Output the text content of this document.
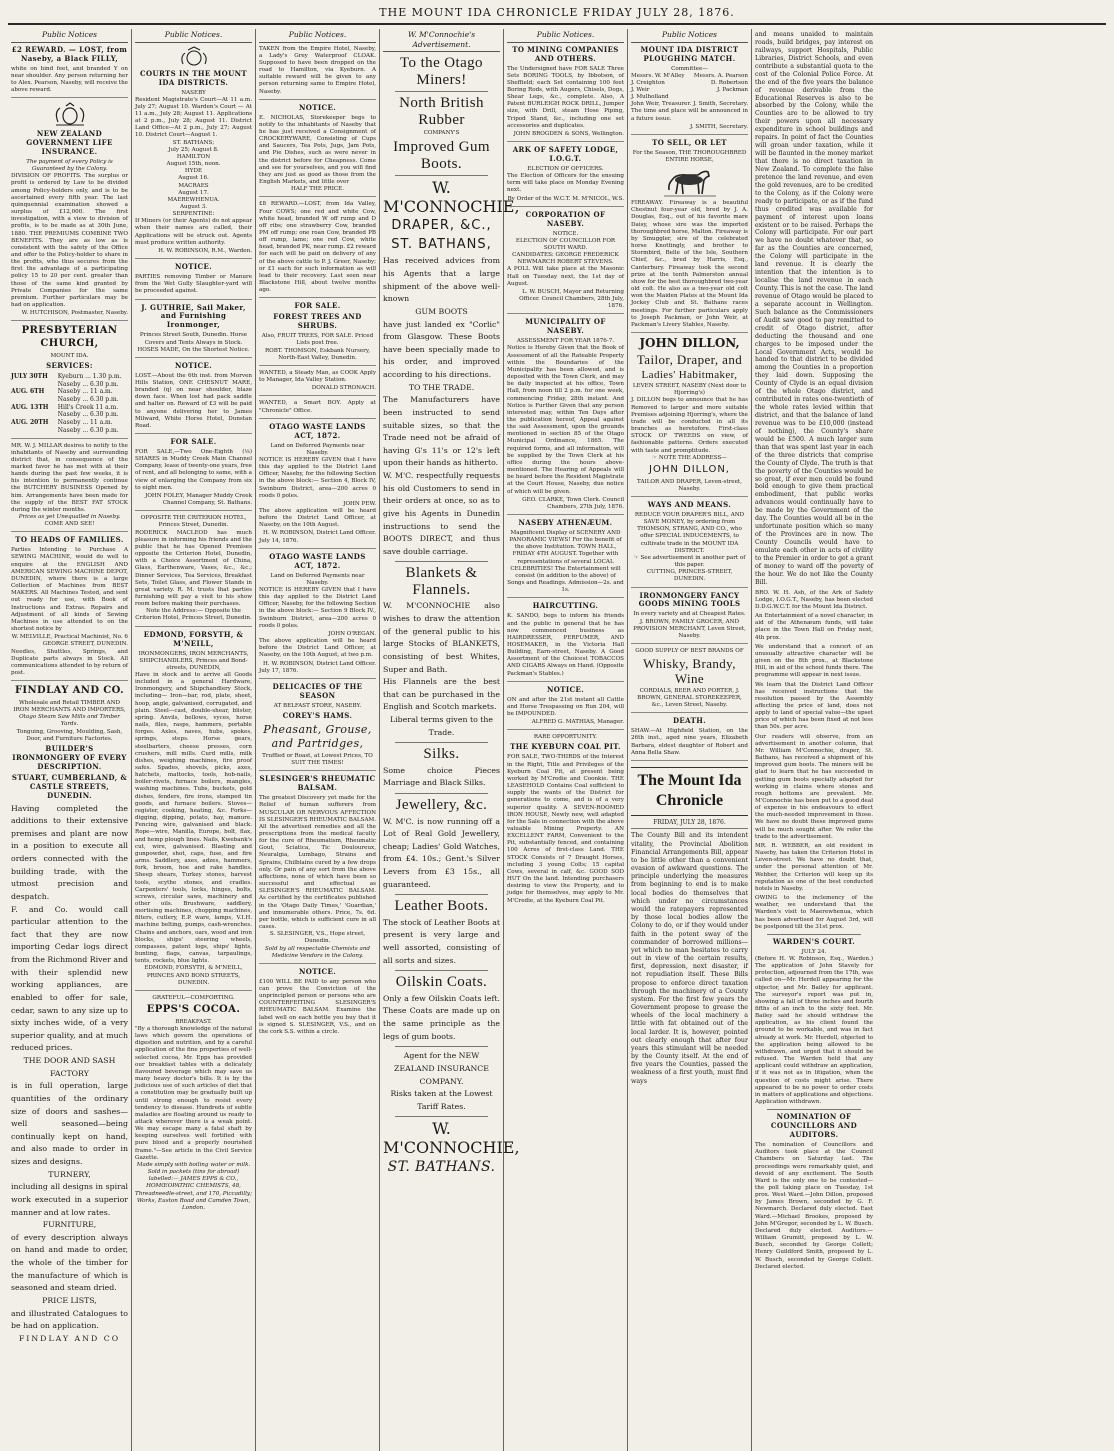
THE MOUNT IDA CHRONICLE FRIDAY JULY 28, 1876.
Public Notices
£2 REWARD. — LOST, from Naseby, a Black FILLY,
white on hind feet, and branded Y on near shoulder. Any person returning her to Alex. Pearson, Naseby, will receive the above reward.
NEW ZEALAND GOVERNMENT LIFE INSURANCE.
The payment of every Policy is Guaranteed by the Colony.
DIVISION OF PROFITS. The surplus or profit is ordered by Law to be divided among Policy-holders only, and is to be ascertained every fifth year. The last quinquennial examination showed a surplus of £12,000. The first investigation, with a view to division of profits, is to be made as at 30th June, 1880. THE PREMIUMS COMBINE TWO BENEFITS. They are as low as is consistent with the safety of the Office and offer to the Policy-holder to share in the profits, who thus secures from the first the advantage of a participating policy 15 to 20 per cent. greater than those of the same kind granted by Private Companies for the same premium. Further particulars may be had on application.
W. HUTCHISON, Postmaster, Naseby.
PRESBYTERIAN CHURCH,
MOUNT IDA.
SERVICES:
JULY 30TH	Kyeburn ... 1.30 p.m.
Naseby ... 6.30 p.m.
AUG. 6TH	Naseby ... 11 a.m.
Naseby ... 6.30 p.m.
AUG. 13TH	Hill's Creek 11 a.m.
Naseby ... 6.30 p.m.
AUG. 20TH	Naseby ... 11 a.m.
Naseby ... 6.30 p.m.
MR. W. J. MILLAR desires to notify to the inhabitants of Naseby and surrounding district that, in consequence of the marked favor he has met with at their hands during the past few weeks, it is his intention to permanently continue the BUTCHERY BUSINESS Opened by him. Arrangements have been made for the supply of the BEST FAT STOCK during the winter months.
Prices as yet Unequalled in Naseby.
COME AND SEE!
TO HEADS OF FAMILIES.
Parties Intending to Purchase A SEWING MACHINE, would do well to enquire at the ENGLISH AND AMERICAN SEWING MACHINE DEPOT, DUNEDIN, where there is a large Collection of Machines from BEST MAKERS. All Machines Tested, and sent out ready for use, with Book of Instructions and Extras. Repairs and Adjustment of all kinds of Sewing Machines in use attended to on the shortest notice by
W. MELVILLE, Practical Machinist, No. 6 GEORGE STREET, DUNEDIN.
Needles, Shuttles, Springs, and Duplicate parts always in Stock. All communications attended to by return of post.
FINDLAY AND CO.
Wholesale and Retail TIMBER AND IRON MERCHANTS AND IMPORTERS,
Otago Steam Saw Mills and Timber Yards.
Tonguing, Grooving, Moulding, Sash, Door, and Furniture Factories.
BUILDER'S IRONMONGERY OF EVERY DESCRIPTION.
STUART, CUMBERLAND, & CASTLE STREETS, DUNEDIN.
Having completed the additions to their extensive premises and plant are now in a position to execute all orders connected with the building trade, with the utmost precision and despatch.
F. and Co. would call particular attention to the fact that they are now importing Cedar logs direct from the Richmond River and with their splendid new working appliances, are enabled to offer for sale, cedar, sawn to any size up to sixty inches wide, of a very superior quality, and at much reduced prices.
THE DOOR AND SASH FACTORY
is in full operation, large quantities of the ordinary size of doors and sashes—well seasoned—being continually kept on hand, and also made to order in sizes and designs.
TURNERY,
including all designs in spiral work executed in a superior manner and at low rates.
FURNITURE,
of every description always on hand and made to order, the whole of the timber for the manufacture of which is seasoned and steam dried.
PRICE LISTS,
and illustrated Catalogues to be had on application.
FINDLAY AND CO
Public Notices.
COURTS IN THE MOUNT IDA DISTRICTS.
NASEBY
Resident Magistrate's Court—At 11 a.m. July 27; August 10. Warden's Court — At 11 a.m., July 28; August 11. Applications at 2 p.m., July 28; August 11. District Land Office—At 2 p.m., July 27; August 10. District Court—August 1.
ST. BATHANS;
July 25; August 8.
HAMILTON
August 15th, noon.
HYDE
August 16.
MACRAES
August 17.
MAEREWHENUA.
August 3.
SERPENTINE:
If Miners (or their Agents) do not appear when their names are called, their Applications will be struck out. Agents must produce written authority.
H. W. ROBINSON, R.M., Warden.
NOTICE.
PARTIES removing Timber or Manure from the Wet Gully Slaughter-yard will be proceeded against.
J. GUTHRIE, Sail Maker, and Furnishing Ironmonger,
Princes Street South, Dunedin. Horse Covers and Tents Always in Stock. HOSES MADE, On the Shortest Notice.
NOTICE.
LOST.—About the 6th inst. from Morven Hills Station, ONE CHESNUT MARE, branded (q) on near shoulder, blaze down face. When lost had pack saddle and halter on. Reward of £3 will be paid to anyone delivering her to James Milward, White Horse Hotel, Dunstan Road.
FOR SALE.
FOR SALE,—Two One-Eighth (⅛) SHARES in Muddy Creek Main Channel Company, lease of twenty-one years, free of rent, and all belonging to same, with a view of enlarging the Company from six to eight men.
JOHN FOLEY, Manager Muddy Creek Channel Company, St. Bathans.
OPPOSITE THE CRITERION HOTEL, Princes Street, Dunedin.
RODERICK MACLEOD has much pleasure in informing his friends and the public that he has Opened Premises opposite the Criterion Hotel, Dunedin, with a Choice Assortment of China, Glass, Earthenware, Vases, &c., &c.; Dinner Services, Tea Services, Breakfast Sets, Toilet Glass, and Flower Stands in great variety. R. M. trusts that parties furnishing will pay a visit to his show room before making their purchases.
Note the Address:— Opposite the Criterion Hotel, Princes Street, Dunedin.
EDMOND, FORSYTH, & M'NEILL,
IRONMONGERS, IRON MERCHANTS, SHIPCHANDLERS, Princes and Bond-streets, DUNEDIN,
Have in stock and to arrive all Goods included in a general Hardware, Ironmongery, and Shipchandlery Stock, including— Iron—bar, rod, plate, sheet, hoop, angle, galvanised, corrugated, and plain. Steel—cast, double-shear, blister, spring. Anvils, bellows, vyces, horse nails, files, rasps, hammers, portable forges. Axles, naves, hubs, spokes, springs, steps. Horse gears, steelbarters, cheese presses, corn crushers, mill mills. Curd mills, milk dishes, weighing machines, fire proof safes. Spades, shovels, picks, axes, hatchets, mattocks, tools, hob-nails, boiler-rivets, furnace boilers, mangles, washing machines. Tubs, buckets, gold dishes, fenders, fire irons, stamped tin goods, and furnace boilers. Stoves—register, cooking, heating, &c. Forks—digging, dipping, potato, hay, manure. Fencing wire, galvanised and black. Rope—wire, Manilla, Europe, bolt, flax, and hemp plough lines. Nails, Kwebank's cut, wire, galvanised. Blasting and gunpowder, shot, caps, fuse, and fire arms. Saddlery, axes, adzes, hammers, fork, broom, hoe and rake handles. Sheep shears, Turkey stones, harvest tools, scythe stones, and cradles. Carpenters' tools, locks, hinges, bolts, screws, circular saws, machinery and other oils. Brushware, saddlery, mortising machines, chopping machines, filters, cutlery, E.P. ware, lamps, V.I.H. machine belting, pumps, cash-wrenches. Chains and anchors, oars, wood and iron blocks, ships' steering wheels, compasses, patent logs, ships' lights, bunting, flags, canvas, tarpaulings, tents, rockets, blue lights.
EDMOND, FORSYTH, & M'NEILL, PRINCES AND BOND STREETS, DUNEDIN.
GRATEFUL—COMFORTING.
EPPS'S COCOA.
BREAKFAST.
"By a thorough knowledge of the natural laws which govern the operations of digestion and nutrition, and by a careful application of the fine properties of well-selected cocoa, Mr. Epps has provided our breakfast tables with a delicately flavoured beverage which may save us many heavy doctor's bills. It is by the judicious use of such articles of diet that a constitution may be gradually built up until strong enough to resist every tendency to disease. Hundreds of subtle maladies are floating around us ready to attack wherever there is a weak point. We may escape many a fatal shaft by keeping ourselves well fortified with pure blood and a properly nourished frame."—See article in the Civil Service Gazette.
Made simply with boiling water or milk. Sold in packets (tins for abroad) labelled:— JAMES EPPS & CO., HOMŒOPATHIC CHEMISTS, 48, Threadneedle-street, and 170, Piccadilly; Works, Euston Road and Camden Town, London.
Public Notices.
TAKEN from the Empire Hotel, Naseby, a Lady's Grey Waterproof CLOAK. Supposed to have been dropped on the road to Hamilton, via Kyeburn. A suitable reward will be given to any person returning same to Empire Hotel, Naseby.
NOTICE.
E. NICHOLAS, Storekeeper begs to notify to the inhabitants of Naseby that he has just received a Consignment of CROCKERYWARE, Consisting of Cups and Saucers, Tea Pots, Jugs, Jam Pots, and Pie Dishes, such as were never in the district before for Cheapness. Come and see for yourselves, and you will find they are just as good as those from the English Markets, and little over
HALF THE PRICE.
£8 REWARD.—LOST, from Ida Valley, Four COWS; one red and white Cow, white head, branded W off rump and D off ribs; one strawberry Cow, branded PM off rump; one roan Cow, branded PB off rump, lame; one red Cow, white head, branded PK, near rump. £2 reward for each will be paid on delivery of any of the above cattle to P. J. Greer, Naseby; or £1 each for such information as will lead to their recovery. Last seen near Blackstone Hill, about twelve months ago.
FOR SALE.
FOREST TREES AND SHRUBS.
Also, FRUIT TREES, FOR SALE. Priced Lists post free.
ROBT. THOMSON, Eskbank Nursery, North-East Valley, Dunedin.
WANTED, a Steady Man, as COOK Apply to Manager, Ida Valley Station.
DONALD STRONACH.
WANTED, a Smart BOY. Apply at "Chronicle" Office.
OTAGO WASTE LANDS ACT, 1872.
Land on Deferred Payments near Naseby.
NOTICE IS HEREBY GIVEN that I have this day applied to the District Land Officer, Naseby, for the following Section in the above block:— Section 4, Block IV, Swinburn District, area—200 acres 0 roods 0 poles.
JOHN PEW.
The above application will be heard before the District Land Officer, at Naseby, on the 10th August.
H. W. ROBINSON, District Land Officer.
July 14, 1876.
OTAGO WASTE LANDS ACT, 1872.
Land on Deferred Payments near Naseby.
NOTICE IS HEREBY GIVEN that I have this day applied to the District Land Officer, Naseby, for the following Section in the above block:— Section 9 Block IV., Swinburn District, area—200 acres 0 roods 0 poles.
JOHN O'REGAN.
The above application will be heard before the District Land Officer, at Naseby, on the 10th August, at two p.m.
H. W. ROBINSON, District Land Officer.
July 17, 1876.
DELICACIES OF THE SEASON
AT BELFAST STORE, NASEBY.
COREY'S HAMS.
Pheasant, Grouse, and Partridges,
Truffled or Roast, at Lowest Prices, TO SUIT THE TIMES!
SLESINGER'S RHEUMATIC BALSAM.
The greatest Discovery yet made for the Relief of human sufferers from MUSCULAR OR NERVOUS AFFECTION IS SLESINGER'S RHEUMATIC BALSAM. All the advertised remedies and all the prescriptions from the medical faculty for the cure of Rheumatism, Rheumatic Gout, Sciatica, Tic Douloureux, Neuralgia, Lumbago, Strains and Sprains, Chilblains cured by a few drops only. Or pain of any sort from the above affections, none of which have been so successful and effectual as SLESINGER'S RHEUMATIC BALSAM. As certified by the certificates published in the 'Otago Daily Times,' 'Guardian,' and innumerable others. Price, 7s. 6d. per bottle, which is sufficient cure in all cases.
S. SLESINGER, V.S., Hope street, Dunedin.
Sold by all respectable Chemists and Medicine Vendors in the Colony.
NOTICE.
£100 WILL BE PAID to any person who can prove the Conviction of the unprincipled person or persons who are COUNTERFEITING SLESINGER'S RHEUMATIC BALSAM. Examine the label well on each bottle you buy that it is signed S. SLESINGER, V.S., and on the cork S.S. within a circle.
W. M'Connochie's Advertisement.
To the Otago Miners!
North British Rubber
COMPANY'S
Improved Gum Boots.
W. M'CONNOCHIE,
DRAPER, &C.,
ST. BATHANS,
Has received advices from his Agents that a large shipment of the above well-known
GUM BOOTS
have just landed ex "Corlic" from Glasgow. These Boots have been specially made to his order, and improved according to his directions.
TO THE TRADE.
The Manufacturers have been instructed to send suitable sizes, so that the Trade need not be afraid of having G's 11's or 12's left upon their hands as hitherto.
W. M'C. respectfully requests his old Customers to send in their orders at once, so as to give his Agents in Dunedin instructions to send the BOOTS DIRECT, and thus save double carriage.
Blankets & Flannels.
W. M'CONNOCHIE also wishes to draw the attention of the general public to his large Stocks of BLANKETS, consisting of best Whites, Super and Bath.
His Flannels are the best that can be purchased in the English and Scotch markets.
Liberal terms given to the Trade.
Silks.
Some choice Pieces Marriage and Black Silks.
Jewellery, &c.
W. M'C. is now running off a Lot of Real Gold Jewellery, cheap; Ladies' Gold Watches, from £4. 10s.; Gent.'s Silver Levers from £3 15s., all guaranteed.
Leather Boots.
The stock of Leather Boots at present is very large and well assorted, consisting of all sorts and sizes.
Oilskin Coats.
Only a few Oilskin Coats left. These Coats are made up on the same principle as the legs of gum boots.
Agent for the NEW ZEALAND INSURANCE COMPANY.
Risks taken at the Lowest Tariff Rates.
W. M'CONNOCHIE,
ST. BATHANS.
Public Notices.
TO MINING COMPANIES AND OTHERS.
The Undersigned have FOR SALE Three Sets BORING TOOLS, by Ibbotson, of Sheffield; each Set containing 100 feet Boring Rods, with Augers, Chisels, Dogs, Shear Legs, &c., complete. Also, A Patent BURLEIGH ROCK DRILL, Jumper size, with Drill, steam Hose Piping, Tripod Stand, &c., including one set accessories and duplicates.
JOHN BROGDEN & SONS, Wellington.
ARK OF SAFETY LODGE, I.O.G.T.
ELECTION OF OFFICERS.
The Election of Officers for the ensuing term will take place on Monday Evening next.
By Order of the W.C.T. M. M'NICOL, W.S.
CORPORATION OF NASEBY.
NOTICE.
ELECTION OF COUNCILLOR FOR SOUTH WARD.
CANDIDATES: GEORGE FREDERICK NEWMARCH ROBERT STEVENS.
A POLL Will take place at the Masonic Hall on Tuesday next, the 1st day of August.
L. W. BUSCH, Mayor and Returning Officer. Council Chambers, 28th July, 1876.
MUNICIPALITY OF NASEBY.
ASSESSMENT FOR YEAR 1876-7.
Notice is Hereby Given that the Book of Assessment of all the Rateable Property within the Boundaries of the Municipality has been allowed, and is deposited with the Town Clerk, and may be daily inspected at his office, Town Hall, from noon till 2 p.m. for one week, commencing Friday, 28th instant. And Notice is Further Given that any person interested may, within Ten Days after the publication hereof, Appeal against the said Assessment, upon the grounds mentioned in section 85 of the Otago Municipal Ordinance, 1865. The required forms, and all information, will be supplied by the Town Clerk at his office during the hours above-mentioned. The Hearing of Appeals will be heard before the Resident Magistrate at the Court House, Naseby, due notice of which will be given.
GEO. CLARKE, Town Clerk. Council Chambers, 27th July, 1876.
NASEBY ATHENÆUM.
Magnificent Display of SCENERY AND PANORAMIC VIEWS! For the benefit of the above Institution. TOWN HALL, FRIDAY 4TH AUGUST. Together with representations of several LOCAL CELEBRITIES! The Entertainment will consist (in addition to the above) of Songs and Readings. Admission—2s. and 1s.
HAIRCUTTING.
K. SANDO, begs to inform his friends and the public in general that he has now commenced business as HAIRDRESSER, PERFUMER, AND HOSEMAKER, in the Victoria Hall Building, Earn-street, Naseby. A Good Assortment of the Choicest TOBACCOS AND CIGARS Always on Hand. (Opposite Packman's Stables.)
NOTICE.
ON and after the 21st instant all Cattle and Horse Trespassing on Run 204, will be IMPOUNDED.
ALFRED G. MATHIAS, Manager.
RARE OPPORTUNITY.
THE KYEBURN COAL PIT.
FOR SALE, TWO-THIRDS of the Interest in the Right, Title and Privileges of the Kyeburn Coal Pit, at present being worked by M'Credie and Coonkie. THE LEASEHOLD Contains Coal sufficient to supply the wants of the District for generations to come, and is of a very superior quality. A SEVEN-ROOMED IRON HOUSE, Newly new, well adapted for the Sale in connection with the above valuable Mining Property. AN EXCELLENT FARM, Convenient to the Pit, substantially fenced, and containing 100 Acres of first-class Land. THE STOCK Consists of 7 Draught Horses, including 3 young Colts; 15 capital Cows, several in calf, &c. GOOD SOD HUT On the land. Intending purchasers desiring to view the Property, and to judge for themselves, may apply to Mr. M'Credie, at the Kyeburn Coal Pit.
Public Notices
MOUNT IDA DISTRICT PLOUGHING MATCH.
Committee—
Messrs. W. M'Alley Messrs. A. Pearson
J. Creighton	D. Robertson
J. Weir	J. Packman
J. Mulholland
John Weir, Treasurer. J. Smith, Secretary. The time and place will be announced in a future issue.
J. SMITH, Secretary.
TO SELL, OR LET
For the Season, THE THOROUGHBRED ENTIRE HORSE,
FIREAWAY. Fireaway is a beautiful Chestnut four-year old, bred by J. A. Douglas, Esq., out of his favorite mare Daisy, whose sire was the imported thoroughbred horse, Malton. Fireaway is by Smuggler, sire of the celebrated horse Knottingly, and brother to Stormbird, Belle of the Isle, Southern Chief, &c., bred by Harris, Esq., Canterbury. Fireaway took the second prize at the tenth Palmerston annual show for the best thoroughbred two-year old colt. He also as a two-year old colt won the Maiden Plates at the Mount Ida Jockey Club and St. Bathans races meetings. For further particulars apply to Joseph Packman, or John Weir, at Packman's Livery Stables, Naseby.
JOHN DILLON,
Tailor, Draper, and
Ladies' Habitmaker,
LEVEN STREET, NASEBY (Next door to Hjorring's)
J. DILLON begs to announce that he has Removed to larger and more suitable Premises adjoining Hjorring's, where the trade will be conducted in all its branches as heretofore. First-class STOCK OF TWEEDS on view, of fashionable patterns. Orders executed with taste and promptitude.
☞ NOTE THE ADDRESS—
JOHN DILLON,
TAILOR AND DRAPER, Leven-street, Naseby.
WAYS AND MEANS.
REDUCE YOUR DRAPER'S BILL, AND SAVE MONEY, by ordering from THOMSON, STRANG, AND CO., who offer SPECIAL INDUCEMENTS, to cultivate trade in the MOUNT IDA DISTRICT.
☞ See advertisement in another part of this paper.
CUTTING, PRINCES-STREET, DUNEDIN.
IRONMONGERY FANCY GOODS MINING TOOLS
In every variety and at Cheapest Rates. J. BROWN, FAMILY GROCER, AND PROVISION MERCHANT, Leven Street, Naseby.
GOOD SUPPLY OF BEST BRANDS OF
Whisky, Brandy, Wine
CORDIALS, BEER AND PORTER, J. BROWN, GENERAL STOREKEEPER, &c., Leven Street, Naseby.
DEATH.
SHAW.—At Highfield Station, on the 26th inst., aged nine years, Elizabeth Barbara, eldest daughter of Robert and Anna Bella Shaw.
The Mount Ida Chronicle
FRIDAY, JULY 28, 1876.
The County Bill and its intendent vitality, the Provincial Abolition Financial Arrangements Bill, appear to be little other than a convenient evasion of awkward questions. The principle underlying the measures from beginning to end is to make local bodies do themselves that which under no circumstances would the ratepayers represented by those local bodies allow the Colony to do, or if they would under faith in the potent sway of the commander of borrowed millions—yet which no man hesitates to carry out in view of the certain results, first, depression, next disaster, if not repudiation itself. These Bills propose to enforce direct taxation through the machinery of a County system. For the first few years the Government propose to grease the wheels of the local machinery a little with fat obtained out of the local larder. It is, however, pointed out clearly enough that after four years this stimulant will be needed by the County itself. At the end of five years the Counties, passed the weakness of a first youth, must find ways
and means unaided to maintain roads, build bridges, pay interest on railways, support Hospitals, Public Libraries, District Schools, and even contribute a substantial quota to the cost of the Colonial Police Force. At the end of the five years the balance of revenue derivable from the Educational Reserves is also to be absorbed by the Colony, while the Counties are to be allowed to try their powers upon all necessary expenditure in school buildings and repairs. In point of fact the Counties will groan under taxation, while it will be flaunted in the money market that there is no direct taxation in New Zealand. To complete the false pretence the land revenue, and even the gold revenues, are to be credited to the Colony, as if the Colony were ready to participate, or as if the fund thus credited was available for payment of interest upon loans existent or to be raised. Perhaps the Colony will participate. For our part we have no doubt whatever that, so far as the Counties are concerned, the Colony will participate in the land revenue. It is clearly the intention that the intention is to localise the land revenue in each County. This is not the case. The land revenue of Otago would be placed to a separate account in Wellington. Such balance as the Commissioners of Audit saw good to pay remitted to credit of Otago district, after deducting the thousand and one charges to be imposed under the Local Government Acts, would be handed to that district to be divided among the Counties in a proportion they laid down. Supposing the County of Clyde is an equal division of the whole Otago district, and contributed in rates one-twentieth of the whole rates levied within that district, and that the balance of land revenue was to be £10,000 (instead of nothing), the County's share would be £500. A much larger sum than that was spent last year in each of the three districts that comprise the County of Clyde. The truth is that the poverty of the Counties would be so great, if ever men could be found bold enough to give them practical embodiment, that public works advances would continually have to be made by the Government of the day. The Counties would all be in the unfortunate position which so many of the Provinces are in now. The County Councils would have to emulate each other in acts of civility to the Premier in order to get a grant of money to ward off the poverty of the hour. We do not like the County Bill.
BRO. W. H. Ash, of the Ark of Safety Lodge, I.O.G.T., Naseby, has been elected D.D.G.W.C.T. for the Mount Ida District.
An Entertainment of a novel character, in aid of the Athenæum funds, will take place in the Town Hall on Friday next, 4th prox.
We understand that a concert of an unusually attractive character will be given on the 8th prox., at Blackstone Hill, in aid of the school funds there. The programme will appear in next issue.
We learn that the District Land Officer has received instructions that the resolution passed by the Assembly affecting the price of land, does not apply to land of special value—the upset price of which has been fixed at not less than 50s. per acre.
Our readers will observe, from an advertisement in another column, that Mr. William M'Connochie, draper, St. Bathans, has received a shipment of his improved gum boots. The miners will be glad to learn that he has succeeded in getting gum boots specially adapted for working in claims where stones and rough bottoms are prevalent. Mr. M'Connochie has been put to a good deal of expense in his endeavours to effect the much-needed improvement in those. We have no doubt these improved gums will be much sought after. We refer the trade to the advertisement.
MR. R. WEBBER, an old resident in Naseby, has taken the Criterion Hotel in Leven-street. We have no doubt that, under the personal attention of Mr. Webber, the Criterion will keep up its reputation as one of the best conducted hotels in Naseby.
OWING to the inclemency of the weather, we understand that the Warden's visit to Maerewhenua, which has been advertised for August 3rd, will be postponed till the 31st prox.
WARDEN'S COURT.
JULY 24.
(Before H. W. Robinson, Esq., Warden.) The application of John Stavely for protection, adjourned from the 17th, was called on—Mr. Herdell appearing for the objector, and Mr. Bailey for applicant. The surveyor's report was put in, showing a fall of three inches and fourth fifths of an inch to the sixty feet. Mr. Bailey said he should withdraw the application, as his client found the ground to be workable, and was in fact already at work. Mr. Herdell, objected to the application being allowed to be withdrawn, and urged that it should be refused. The Warden held that any applicant could withdraw an application, if it was not as in litigation, when the question of costs might arise. There appeared to be no power to order costs in matters of applications and objections. Application withdrawn.
NOMINATION OF COUNCILLORS AND AUDITORS.
The nomination of Councillors and Auditors took place at the Council Chambers on Saturday last. The proceedings were remarkably quiet, and devoid of any excitement. The South Ward is the only one to be contested—the poll taking place on Tuesday, 1st prox. West Ward.—John Dillon, proposed by James Brown, seconded by G. F. Newmarch. Declared duly elected. East Ward.—Michael Brookes, proposed by John M'Gregor, seconded by L. W. Busch. Declared duly elected. Auditors.—William Grumitt, proposed by L. W. Busch, seconded by George Collett; Henry Guildford Smith, proposed by L. W. Busch, seconded by George Collett. Declared elected.
